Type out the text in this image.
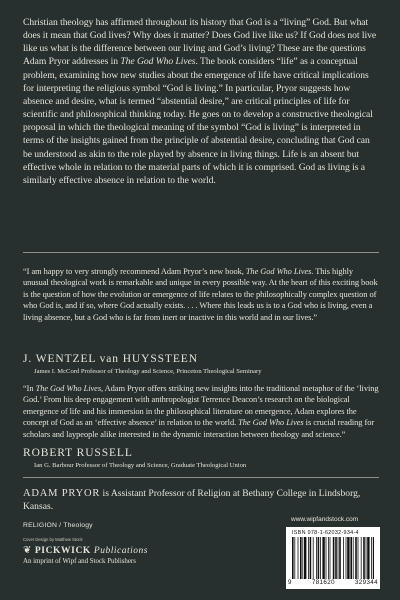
Christian theology has affirmed throughout its history that God is a “living” God. But what does it mean that God lives? Why does it matter? Does God live like us? If God does not live like us what is the difference between our living and God’s living? These are the questions Adam Pryor addresses in The God Who Lives. The book considers “life” as a conceptual problem, examining how new studies about the emergence of life have critical implications for interpreting the religious symbol “God is living.” In particular, Pryor suggests how absence and desire, what is termed “abstential desire,” are critical principles of life for scientific and philosophical thinking today. He goes on to develop a constructive theological proposal in which the theological meaning of the symbol “God is living” is interpreted in terms of the insights gained from the principle of abstential desire, concluding that God can be understood as akin to the role played by absence in living things. Life is an absent but effective whole in relation to the material parts of which it is comprised. God as living is a similarly effective absence in relation to the world.

“I am happy to very strongly recommend Adam Pryor’s new book, The God Who Lives. This highly unusual theological work is remarkable and unique in every possible way. At the heart of this exciting book is the question of how the evolution or emergence of life relates to the philosophically complex question of who God is, and if so, where God actually exists. . . . Where this leads us is to a God who is living, even a living absence, but a God who is far from inert or inactive in this world and in our lives.”

J. WENTZEL van HUYSSTEEN
James I. McCord Professor of Theology and Science, Princeton Theological Seminary

“In The God Who Lives, Adam Pryor offers striking new insights into the traditional metaphor of the ‘living God.’ From his deep engagement with anthropologist Terrence Deacon’s research on the biological emergence of life and his immersion in the philosophical literature on emergence, Adam explores the concept of God as an ‘effective absence’ in relation to the world. The God Who Lives is crucial reading for scholars and laypeople alike interested in the dynamic interaction between theology and science.”

ROBERT RUSSELL
Ian G. Barbour Professor of Theology and Science, Graduate Theological Union

ADAM PRYOR is Assistant Professor of Religion at Bethany College in Lindsborg, Kansas.

RELIGION / Theology
Cover Design by Matthew Stock
❦ PICKWICK Publications
An imprint of Wipf and Stock Publishers
www.wipfandstock.com
ISBN 978-1-62032-934-4
9	781620	329344
